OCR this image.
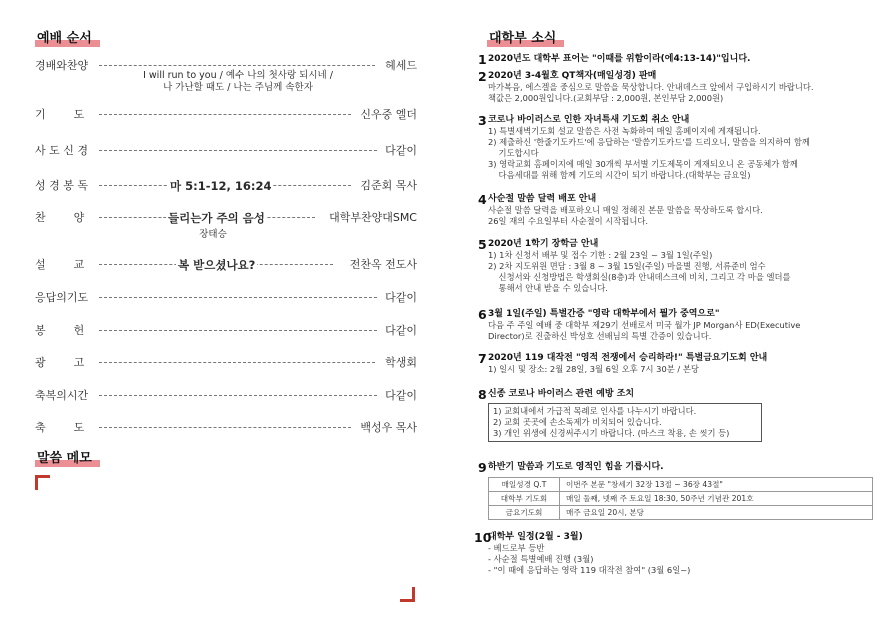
예배 순서
경배와찬양	헤세드
기        도	신우중 엘더
사 도 신 경	다같이
성 경 봉 독	마 5:1-12, 16:24	김준회 목사
찬        양	들리는가 주의 음성	대학부찬양대SMC
설        교	복 받으셨나요?	전찬옥 전도사
응답의기도	다같이
봉        헌	다같이
광        고	학생회
축복의시간	다같이
축        도	백성우 목사
I will run to you / 예수 나의 첫사랑 되시네 /
나 가난할 때도 / 나는 주님께 속한자
장태승
말씀 메모
대학부 소식
1 2020년도 대학부 표어는 "이때를 위함이라(에4:13-14)"입니다.
2 2020년 3-4월호 QT책자(매일성경) 판매
마가복음, 에스겔을 중심으로 말씀을 묵상합니다. 안내데스크 앞에서 구입하시기 바랍니다.
책값은 2,000원입니다.(교회부담 : 2,000원, 본인부담 2,000원)
3 코로나 바이러스로 인한 자녀특새 기도회 취소 안내
1) 특별새벽기도회 설교 말씀은 사전 녹화하여 매일 홈페이지에 게재됩니다.
2) 제출하신 '한줄기도카드'에 응답하는 '말씀기도카드'를 드리오니, 말씀을 의지하여 함께
기도합시다
3) 영락교회 홈페이지에 매일 30개씩 부서별 기도제목이 게재되오니 온 공동체가 함께
다음세대를 위해 함께 기도의 시간이 되기 바랍니다.(대학부는 금요일)
4 사순절 말씀 달력 배포 안내
사순절 말씀 달력을 배포하오니 매일 정해진 본문 말씀을 묵상하도록 합시다.
26일 재의 수요일부터 사순절이 시작됩니다.
5 2020년 1학기 장학금 안내
1) 1차 신청서 배부 및 접수 기한 : 2월 23일 ~ 3월 1일(주일)
2) 2차 지도위원 면담 : 3월 8 ~ 3월 15일(주일) 마을별 진행, 서류준비 엄수
신청서와 신청방법은 학생회실(8층)과 안내데스크에 비치, 그리고 각 마을 엘더를
통해서 안내 받을 수 있습니다.
6 3월 1일(주일) 특별간증 "영락 대학부에서 뭘가 중역으로"
다음 주 주일 예배 중 대학부 제29기 선배로서 미국 월가 JP Morgan사 ED(Executive
Director)로 진출하신 박성호 선배님의 특별 간증이 있습니다.
7 2020년 119 대작전 "영적 전쟁에서 승리하라!" 특별금요기도회 안내
1) 일시 및 장소: 2월 28일, 3월 6일 오후 7시 30분 / 본당
8 신종 코로나 바이러스 관련 예방 조치
1) 교회내에서 가급적 목례로 인사를 나누시기 바랍니다.
2) 교회 곳곳에 손소독제가 비치되어 있습니다.
3) 개인 위생에 신경써주시기 바랍니다. (마스크 착용, 손 씻기 등)
9 하반기 말씀과 기도로 영적인 힘을 기릅시다.
매일성경 Q.T	이번주 본문 "창세기 32장 13절 ~ 36장 43절"
대학부 기도회	매일 둘째, 넷째 주 토요일 18:30, 50주년 기념관 201호
금요기도회	매주 금요일 20시, 본당
10
대학부 일정(2월 - 3월)
- 베드로부 등반
- 사순절 특별예배 진행 (3월)
- "이 때에 응답하는 영락 119 대작전 참여" (3월 6일~)
